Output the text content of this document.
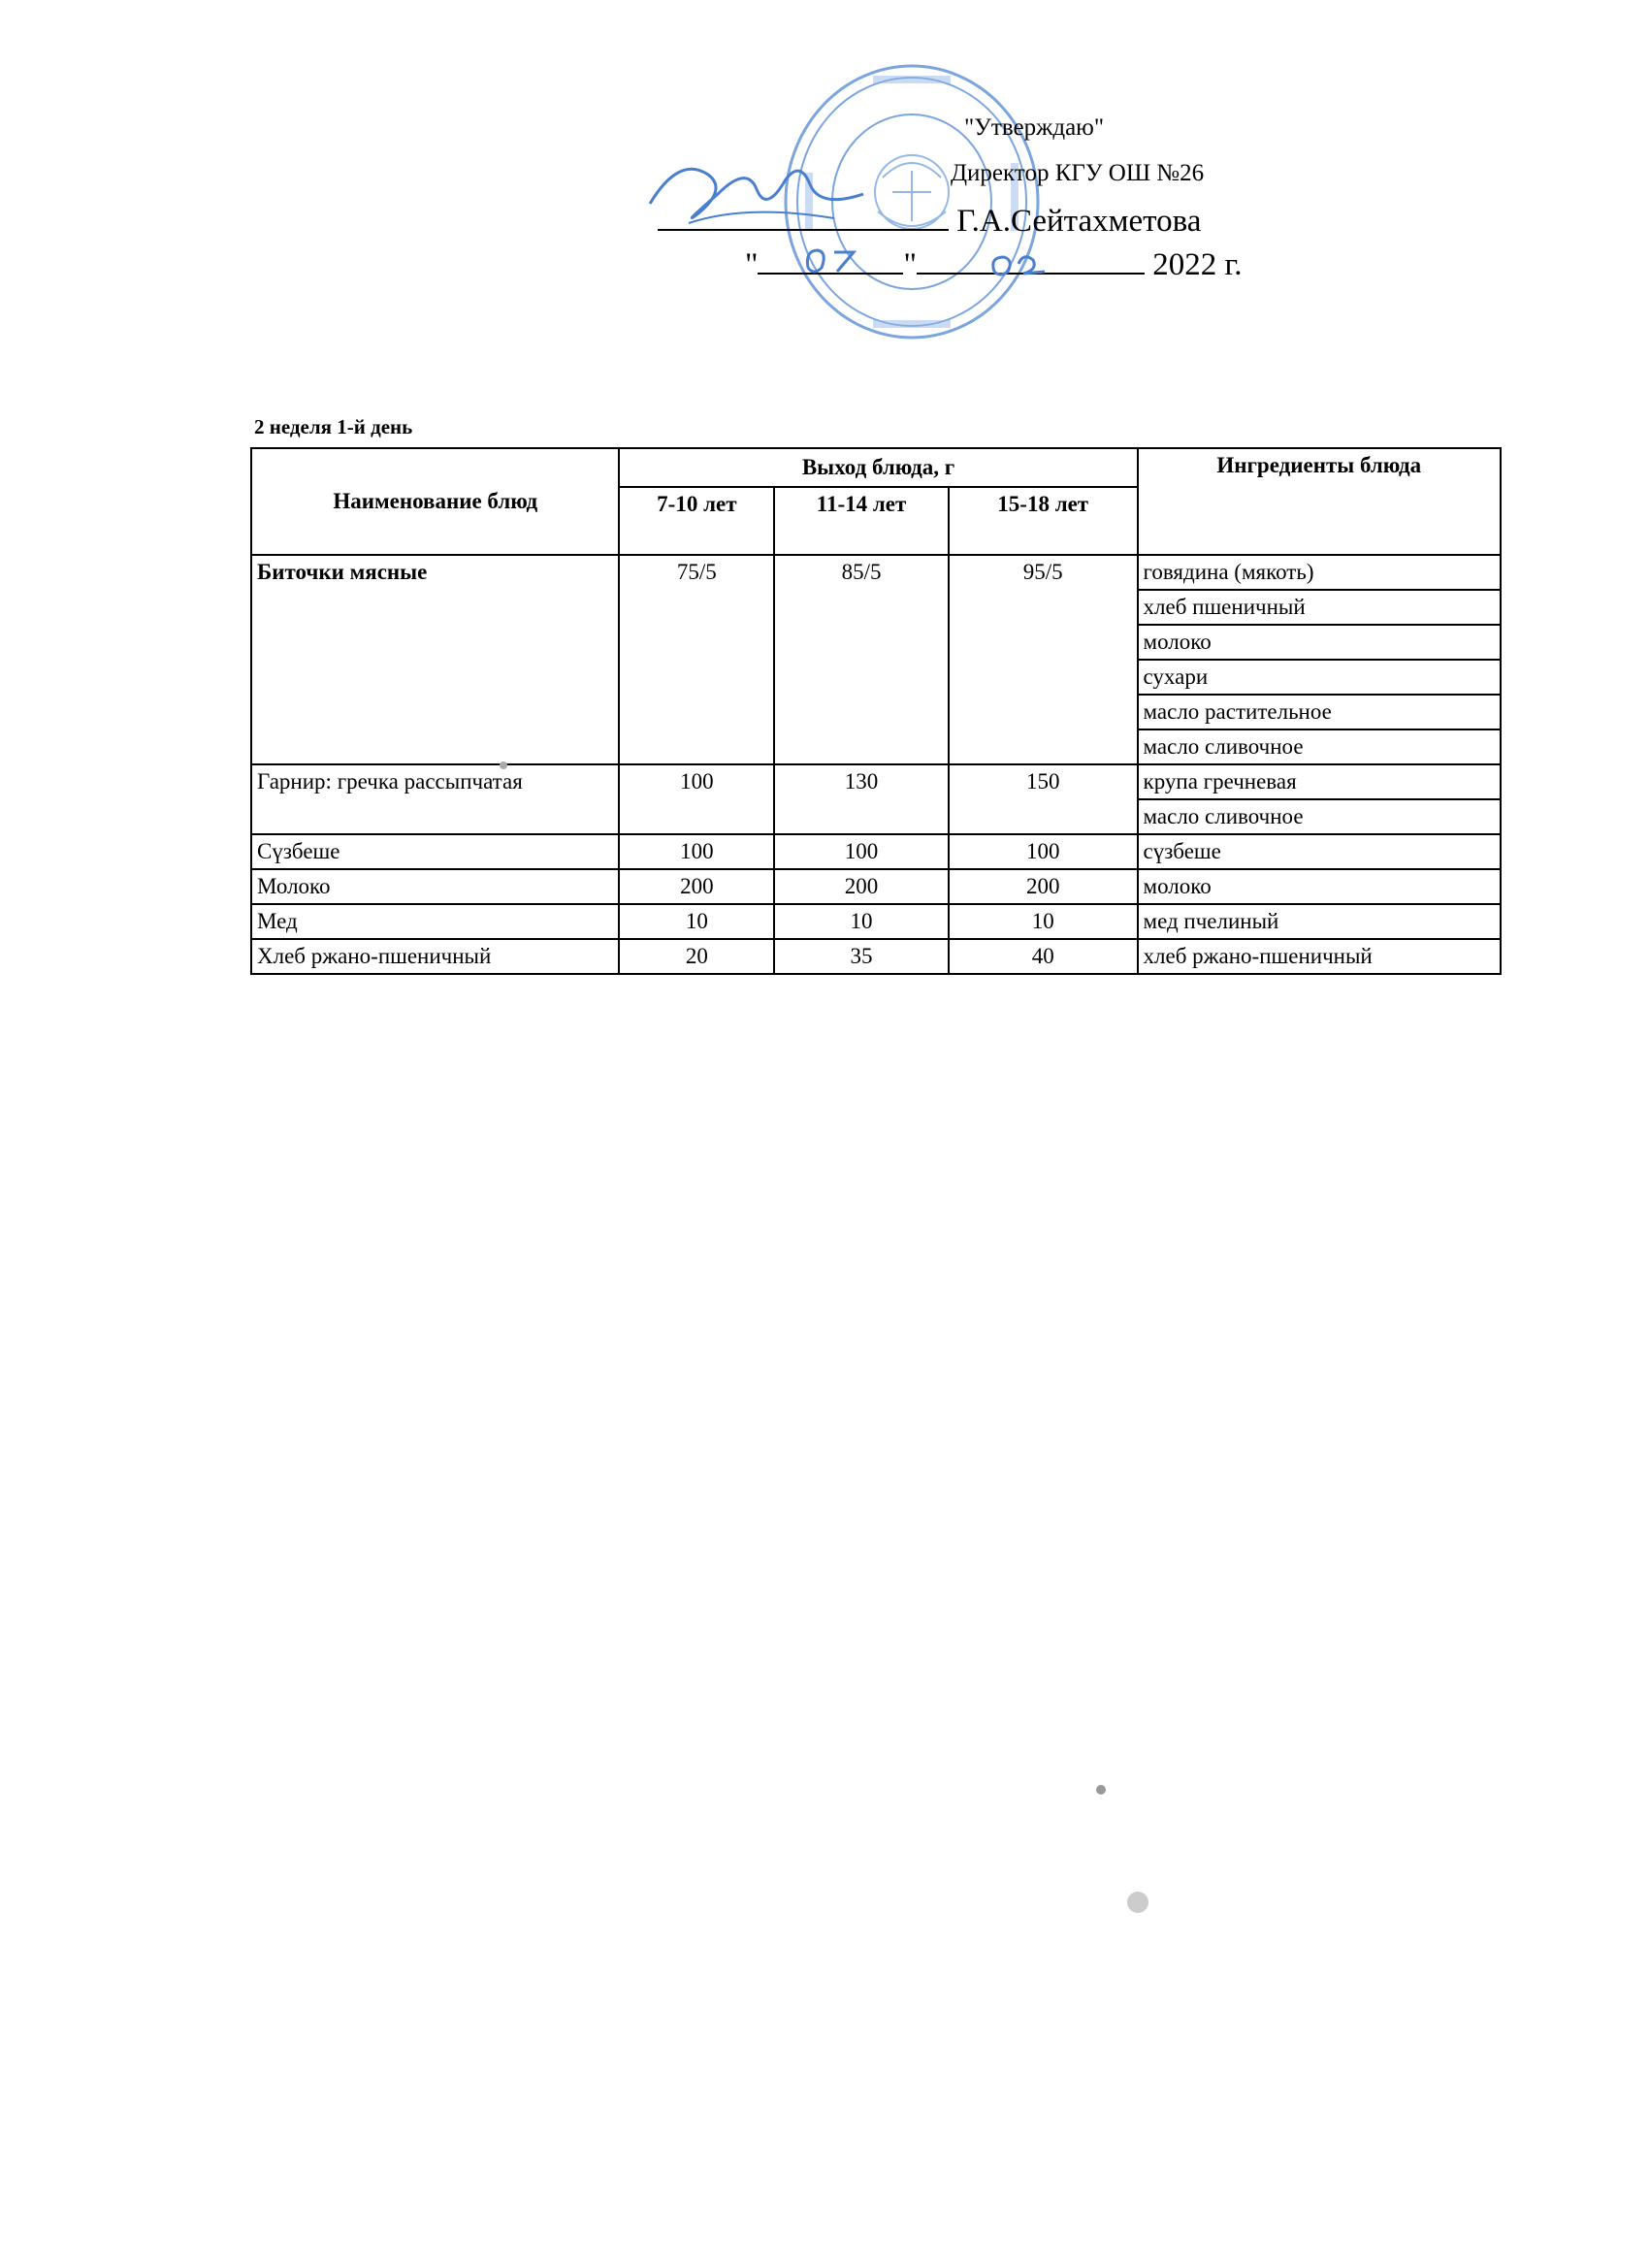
"Утверждаю"
Директор КГУ ОШ №26
Г.А.Сейтахметова
"	"	2022 г.
2 неделя 1-й день
Наименование блюд	Выход блюда, г			Ингредиенты блюда
	7-10 лет	11-14 лет	15-18 лет	
Биточки мясные	75/5	85/5	95/5	говядина (мякоть)
				хлеб пшеничный
				молоко
				сухари
				масло растительное
				масло сливочное
Гарнир: гречка рассыпчатая	100	130	150	крупа гречневая
				масло сливочное
Сүзбеше	100	100	100	сүзбеше
Молоко	200	200	200	молоко
Мед	10	10	10	мед пчелиный
Хлеб ржано-пшеничный	20	35	40	хлеб ржано-пшеничный
